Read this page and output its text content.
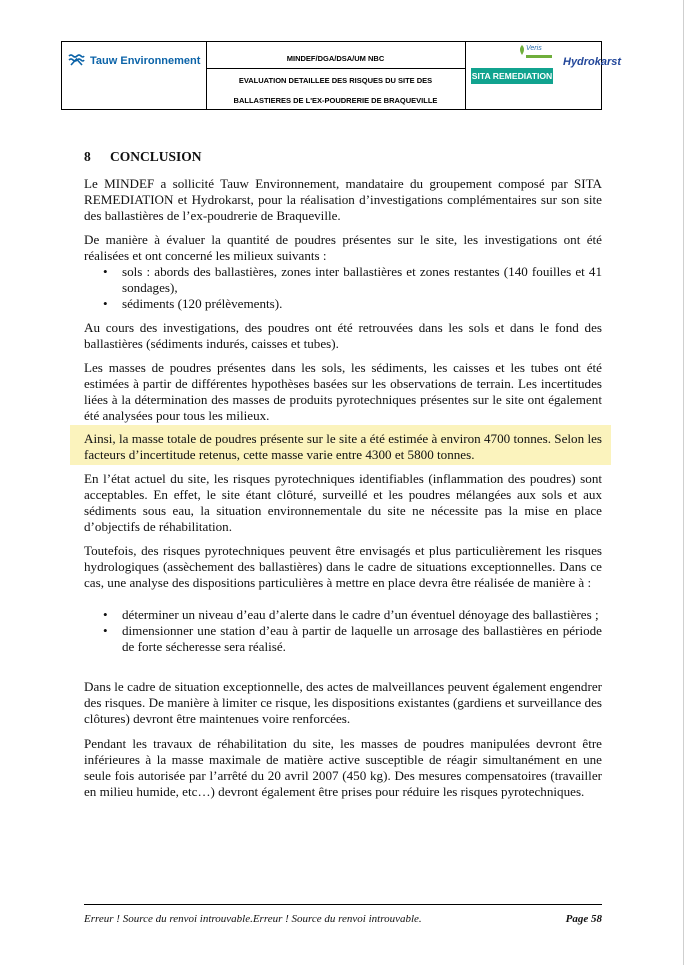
Tauw Environnement	MINDEF/DGA/DSA/UM NBC
EVALUATION DETAILLEE DES RISQUES DU SITE DES
BALLASTIERES DE L'EX-POUDRERIE DE BRAQUEVILLE
Veris
SITA REMEDIATION
Hydrokarst
8 CONCLUSION

Le MINDEF a sollicité Tauw Environnement, mandataire du groupement composé par SITA REMEDIATION et Hydrokarst, pour la réalisation d’investigations complémentaires sur son site des ballastières de l’ex-poudrerie de Braqueville.

De manière à évaluer la quantité de poudres présentes sur le site, les investigations ont été réalisées et ont concerné les milieux suivants :

• sols : abords des ballastières, zones inter ballastières et zones restantes (140 fouilles et 41 sondages),
• sédiments (120 prélèvements).

Au cours des investigations, des poudres ont été retrouvées dans les sols et dans le fond des ballastières (sédiments indurés, caisses et tubes).

Les masses de poudres présentes dans les sols, les sédiments, les caisses et les tubes ont été estimées à partir de différentes hypothèses basées sur les observations de terrain. Les incertitudes liées à la détermination des masses de produits pyrotechniques présentes sur le site ont également été analysées pour tous les milieux.

Ainsi, la masse totale de poudres présente sur le site a été estimée à environ 4700 tonnes. Selon les facteurs d’incertitude retenus, cette masse varie entre 4300 et 5800 tonnes.

En l’état actuel du site, les risques pyrotechniques identifiables (inflammation des poudres) sont acceptables. En effet, le site étant clôturé, surveillé et les poudres mélangées aux sols et aux sédiments sous eau, la situation environnementale du site ne nécessite pas la mise en place d’objectifs de réhabilitation.

Toutefois, des risques pyrotechniques peuvent être envisagés et plus particulièrement les risques hydrologiques (assèchement des ballastières) dans le cadre de situations exceptionnelles. Dans ce cas, une analyse des dispositions particulières à mettre en place devra être réalisée de manière à :

• déterminer un niveau d’eau d’alerte dans le cadre d’un éventuel dénoyage des ballastières ;
• dimensionner une station d’eau à partir de laquelle un arrosage des ballastières en période de forte sécheresse sera réalisé.

Dans le cadre de situation exceptionnelle, des actes de malveillances peuvent également engendrer des risques. De manière à limiter ce risque, les dispositions existantes (gardiens et surveillance des clôtures) devront être maintenues voire renforcées.

Pendant les travaux de réhabilitation du site, les masses de poudres manipulées devront être inférieures à la masse maximale de matière active susceptible de réagir simultanément en une seule fois autorisée par l’arrêté du 20 avril 2007 (450 kg). Des mesures compensatoires (travailler en milieu humide, etc…) devront également être prises pour réduire les risques pyrotechniques.

Erreur ! Source du renvoi introuvable.Erreur ! Source du renvoi introuvable.	Page 58
